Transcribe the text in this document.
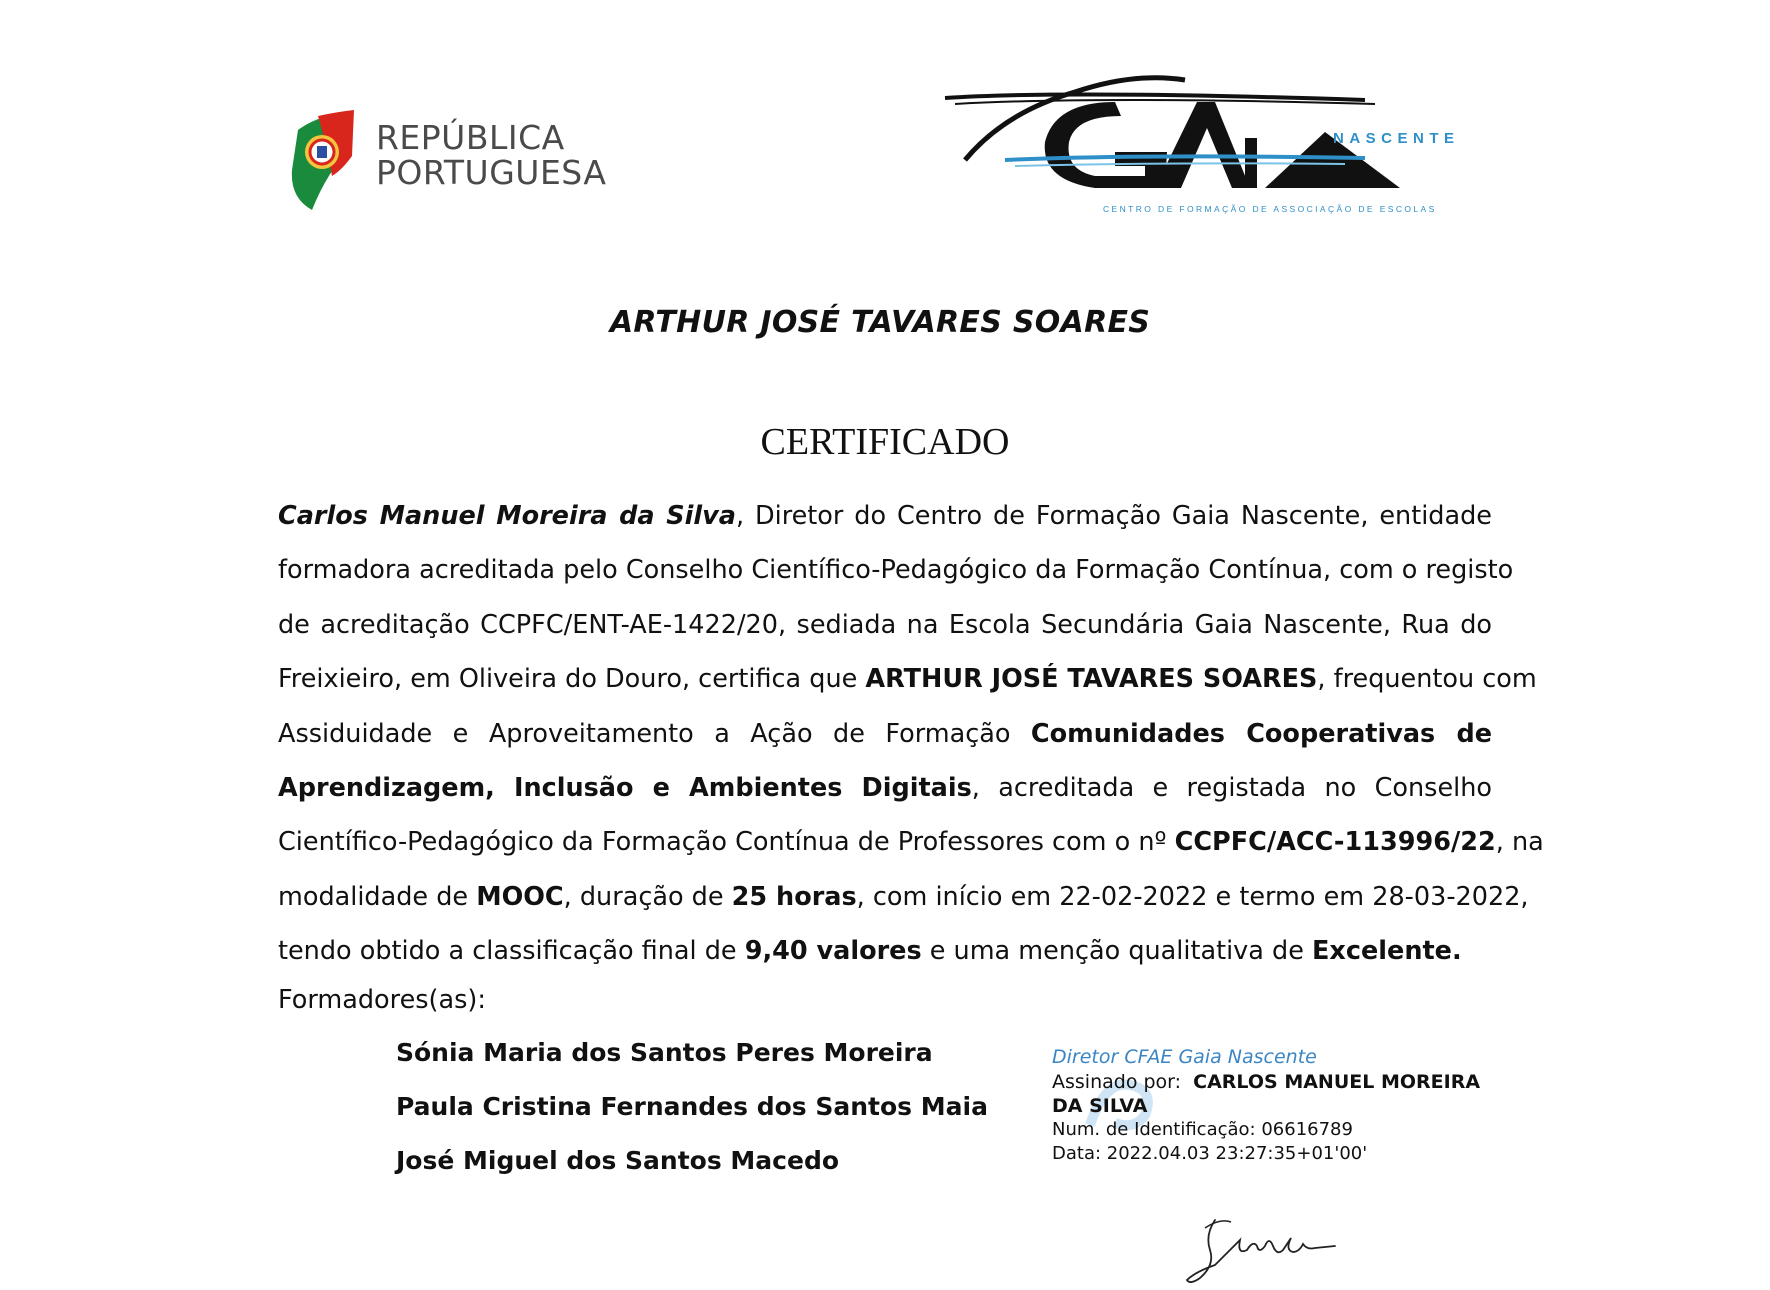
REPÚBLICA
PORTUGUESA
NASCENTE
CENTRO DE FORMAÇÃO DE ASSOCIAÇÃO DE ESCOLAS
ARTHUR JOSÉ TAVARES SOARES
CERTIFICADO
Carlos Manuel Moreira da Silva, Diretor do Centro de Formação Gaia Nascente, entidade
formadora acreditada pelo Conselho Científico-Pedagógico da Formação Contínua, com o registo
de acreditação CCPFC/ENT-AE-1422/20, sediada na Escola Secundária Gaia Nascente, Rua do
Freixieiro, em Oliveira do Douro, certifica que ARTHUR JOSÉ TAVARES SOARES, frequentou com
Assiduidade e Aproveitamento a Ação de Formação Comunidades Cooperativas de
Aprendizagem, Inclusão e Ambientes Digitais, acreditada e registada no Conselho
Científico-Pedagógico da Formação Contínua de Professores com o nº CCPFC/ACC-113996/22, na
modalidade de MOOC, duração de 25 horas, com início em 22-02-2022 e termo em 28-03-2022,
tendo obtido a classificação final de 9,40 valores e uma menção qualitativa de Excelente.
Formadores(as):
Sónia Maria dos Santos Peres Moreira
Paula Cristina Fernandes dos Santos Maia
José Miguel dos Santos Macedo
Diretor CFAE Gaia Nascente
Assinado por: CARLOS MANUEL MOREIRA DA SILVA
Num. de Identificação: 06616789
Data: 2022.04.03 23:27:35+01'00'
